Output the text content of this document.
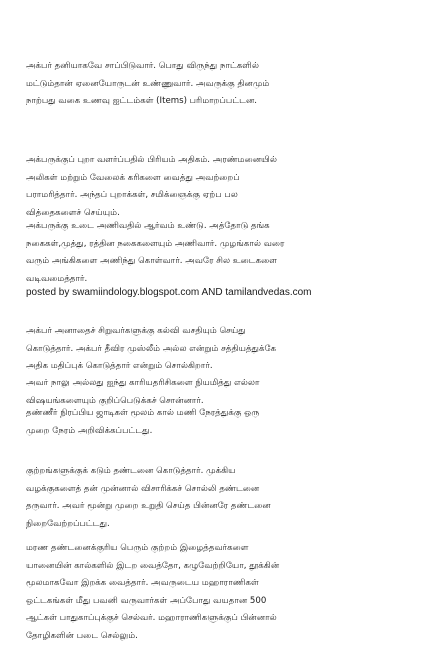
அக்பர் தனியாகவே சாப்பிடுவார். பொது விருந்து நாட்களில்
மட்டும்தான் ஏனையோருடன் உண்ணுவார். அவருக்கு தினமும்
நாற்பது வகை உணவு ஐட்டம்கள் (Items) பரிமாறப்பட்டன.
அக்பருக்குப் புறா வளர்ப்பதில் பிரியம் அதிகம். அரண்மனையில்
அலிகள் மற்றும் வேலைக் கரிகளை வைத்து அவற்றைப்
பராமரித்தார். அந்தப் புறாக்கள், சமிக்ஞைக்கு ஏற்ப பல
வித்தைகளைச் செய்யும்.
அக்பருக்கு உடை அணிவதில் ஆர்வம் உண்டு. அத்தோடு தங்க
நகைகள்,முத்து, ரத்தின நகைகளையும் அணிவார். முழங்கால் வரை
வரும் அங்கிகளை அணிந்து கொள்வார். அவரே சில உடைகளை
வடிவமைத்தார்.
posted by swamiindology.blogspot.com AND tamilandvedas.com
அக்பர் அனாதைச் சிறுவர்களுக்கு கல்வி வசதியும் செய்து
கொடுத்தார். அக்பர் தீவிர முஸ்லீம் அல்ல என்றும் சத்தியத்துக்கே
அதிக மதிப்புக் கொடுத்தார் என்றும் சொல்கிறார்.
அவர் நாலு அல்லது ஐந்து காரியதரிசிகளை நியமித்து எல்லா
விஷயங்களையும் குறிப்பெடுக்கச் சொன்னார்.
தண்ணீர் நிரப்பிய ஜாடிகள் மூலம் கால் மணி நேரத்துக்கு ஒரு
முறை நேரம் அறிவிக்கப்பட்டது.
குற்றங்களுக்குக் கடும் தண்டனை கொடுத்தார். முக்கிய
வழக்குகளைத் தன் முன்னால் விசாரிக்கச் சொல்லி தண்டனை
தருவார். அவர் மூன்று முறை உறுதி செய்த பின்னரே தண்டனை
நிறைவேற்றப்பட்டது.
மரண தண்டனைக்குரிய பெரும் குற்றம் இழைத்தவர்களை
யானையின் கால்களில் இடற வைத்தோ, கழுவேற்றியோ, தூக்கின்
மூலமாகவோ இறக்க வைத்தார். அவருடைய மஹாராணிகள்
ஒட்டகங்கள் மீது பவனி வருவார்கள் அப்போது வயதான 500
ஆட்கள் பாதுகாப்புக்குச் செல்வர். மஹாராணிகளுக்குப் பின்னால்
தோழிகளின் படை செல்லும்.
